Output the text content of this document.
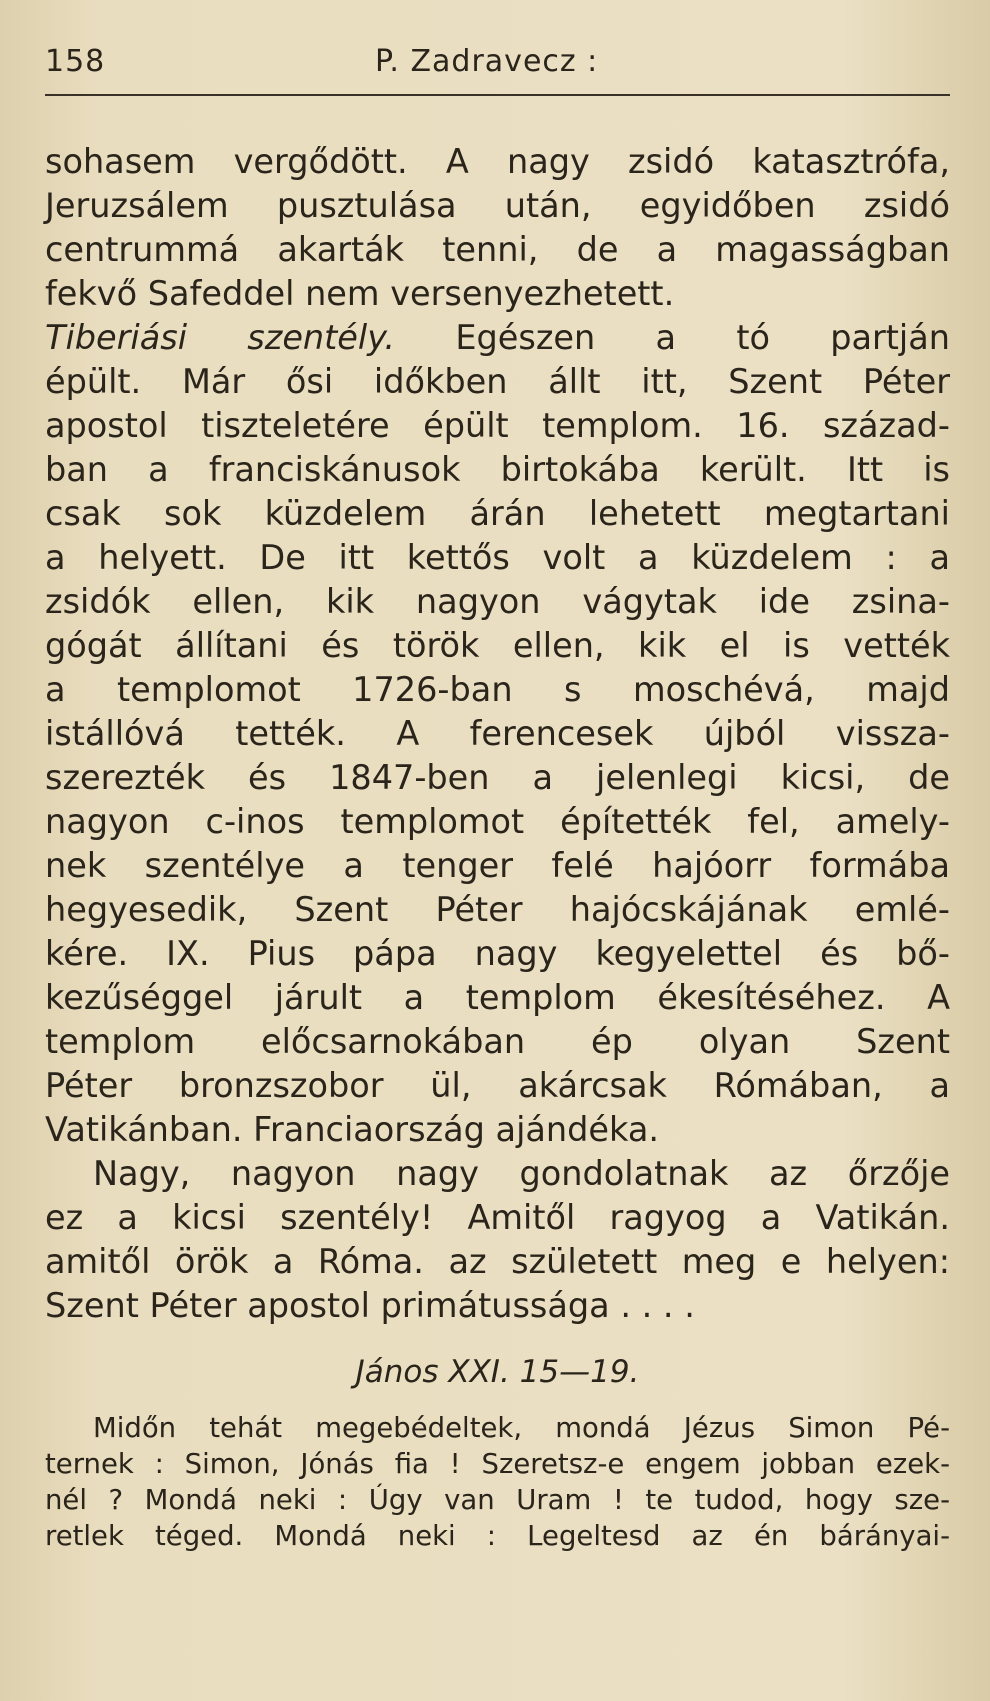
158	P. Zadravecz :

sohasem vergődött. A nagy zsidó katasztrófa,
Jeruzsálem pusztulása után, egyidőben zsidó
centrummá akarták tenni, de a magasságban
fekvő Safeddel nem versenyezhetett.

Tiberiási szentély. Egészen a tó partján
épült. Már ősi időkben állt itt, Szent Péter
apostol tiszteletére épült templom. 16. század-
ban a franciskánusok birtokába került. Itt is
csak sok küzdelem árán lehetett megtartani
a helyett. De itt kettős volt a küzdelem : a
zsidók ellen, kik nagyon vágytak ide zsina-
gógát állítani és török ellen, kik el is vették
a templomot 1726-ban s moschévá, majd
istállóvá tették. A ferencesek újból vissza-
szerezték és 1847-ben a jelenlegi kicsi, de
nagyon c-inos templomot építették fel, amely-
nek szentélye a tenger felé hajóorr formába
hegyesedik, Szent Péter hajócskájának emlé-
kére. IX. Pius pápa nagy kegyelettel és bő-
kezűséggel járult a templom ékesítéséhez. A
templom előcsarnokában ép olyan Szent
Péter bronzszobor ül, akárcsak Rómában, a
Vatikánban. Franciaország ajándéka.

Nagy, nagyon nagy gondolatnak az őrzője
ez a kicsi szentély! Amitől ragyog a Vatikán.
amitől örök a Róma. az született meg e helyen:
Szent Péter apostol primátussága . . . .

János XXI. 15—19.

Midőn tehát megebédeltek, mondá Jézus Simon Pé-
ternek : Simon, Jónás fia ! Szeretsz-e engem jobban ezek-
nél ? Mondá neki : Úgy van Uram ! te tudod, hogy sze-
retlek téged. Mondá neki : Legeltesd az én bárányai-
